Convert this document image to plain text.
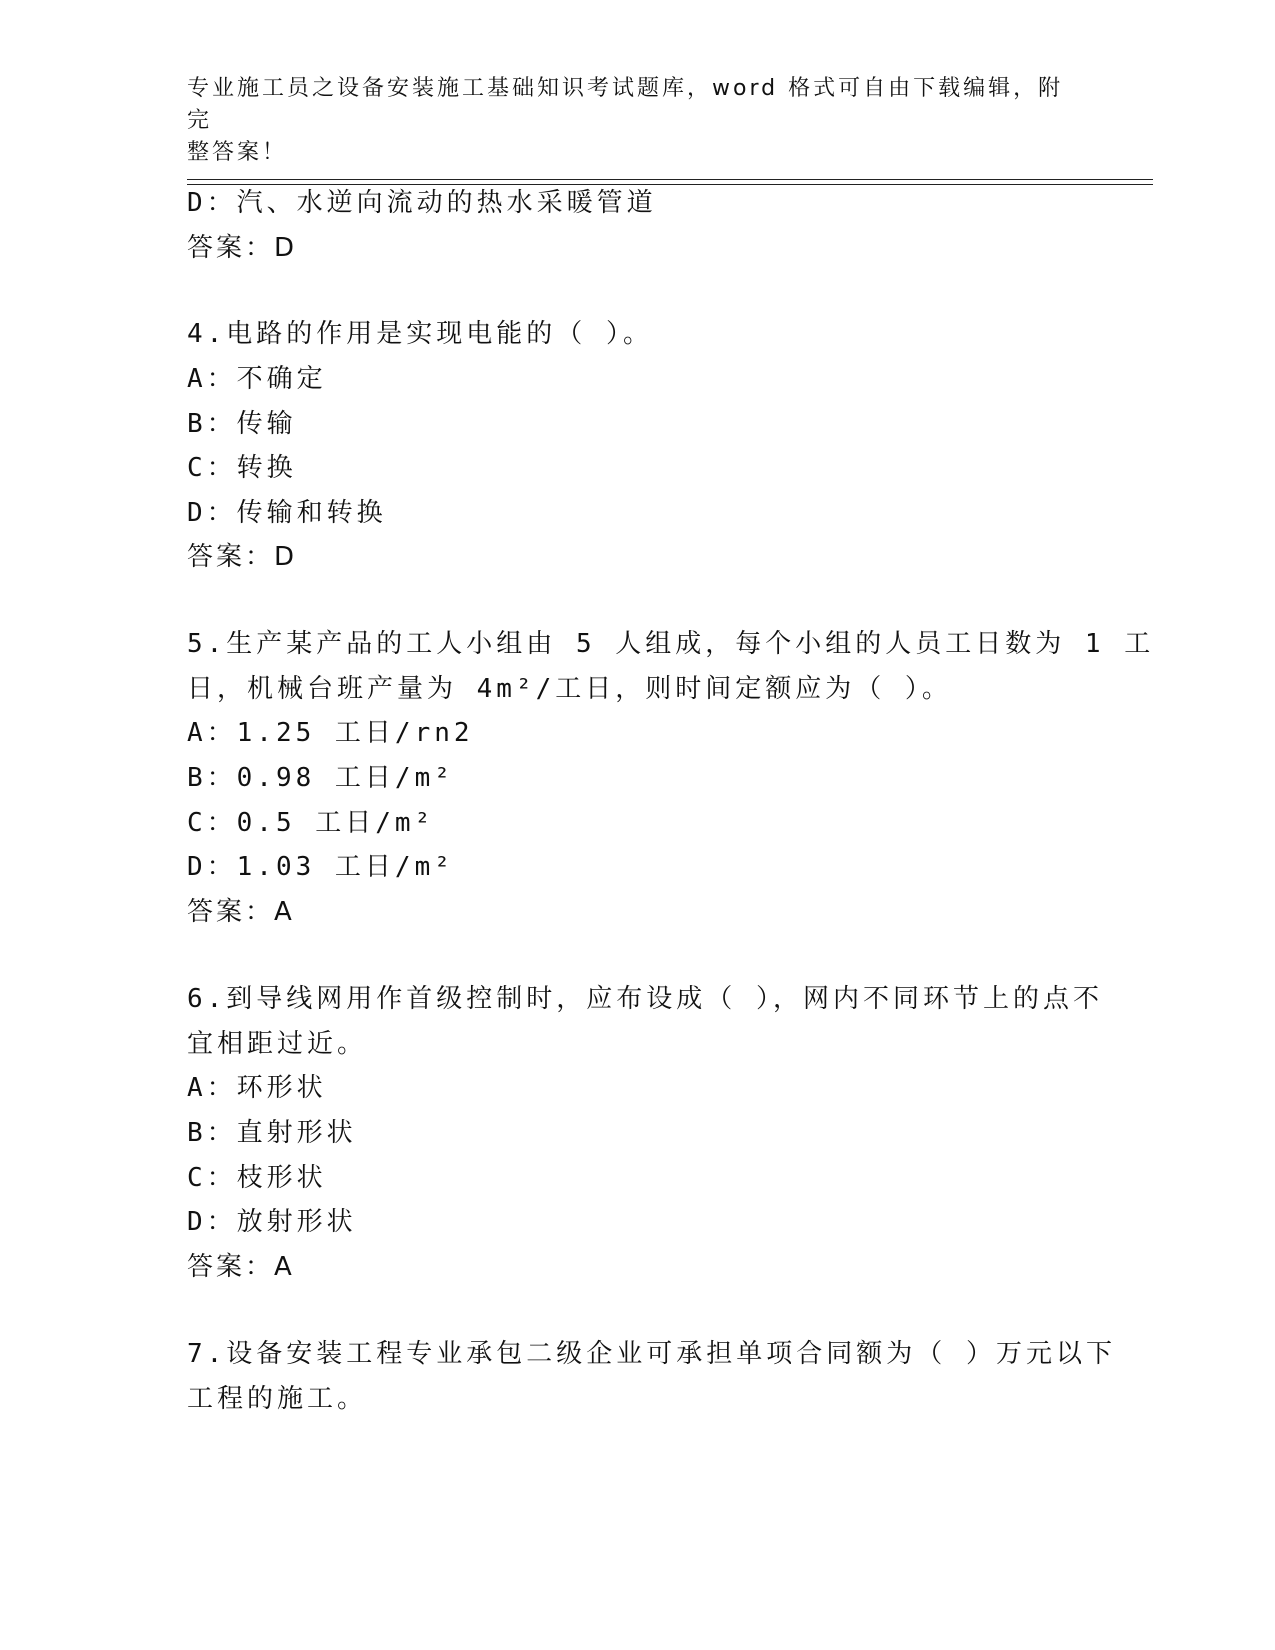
专业施工员之设备安装施工基础知识考试题库，word 格式可自由下载编辑，附完
整答案！
D：汽、水逆向流动的热水采暖管道
答案：D
4.电路的作用是实现电能的（ ）。
A：不确定
B：传输
C：转换
D：传输和转换
答案：D
5.生产某产品的工人小组由 5 人组成，每个小组的人员工日数为 1 工
日，机械台班产量为 4m²/工日，则时间定额应为（ ）。
A：1.25 工日/rn2
B：0.98 工日/m²
C：0.5 工日/m²
D：1.03 工日/m²
答案：A
6.到导线网用作首级控制时，应布设成（ ），网内不同环节上的点不
宜相距过近。
A：环形状
B：直射形状
C：枝形状
D：放射形状
答案：A
7.设备安装工程专业承包二级企业可承担单项合同额为（ ）万元以下
工程的施工。
